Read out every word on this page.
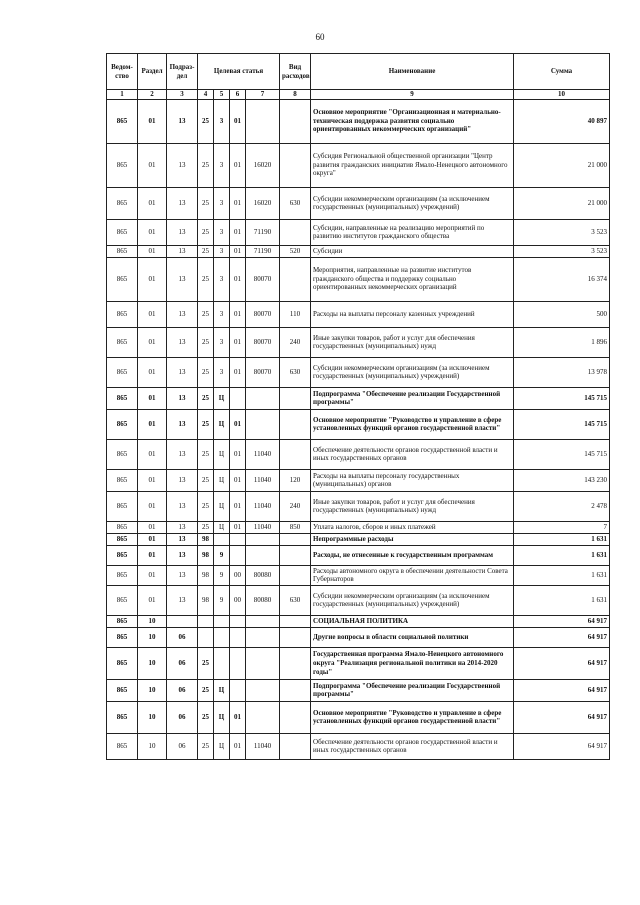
60
Ведом-ство	Раздел	Подраз-дел	Целевая статья				Вид расходов	Наименование	Сумма
1	2	3	4	5	6	7	8	9	10
865	01	13	25	3	01			Основное мероприятие "Организационная и материально-техническая поддержка развития социально ориентированных некоммерческих организаций"	40 897
865	01	13	25	3	01	16020		Субсидия Региональной общественной организации "Центр развития гражданских инициатив Ямало-Ненецкого автономного округа"	21 000
865	01	13	25	3	01	16020	630	Субсидии некоммерческим организациям (за исключением государственных (муниципальных) учреждений)	21 000
865	01	13	25	3	01	71190		Субсидии, направленные на реализацию мероприятий по развитию институтов гражданского общества	3 523
865	01	13	25	3	01	71190	520	Субсидии	3 523
865	01	13	25	3	01	80070		Мероприятия, направленные на развитие институтов гражданского общества и поддержку социально ориентированных некоммерческих организаций	16 374
865	01	13	25	3	01	80070	110	Расходы на выплаты персоналу казенных учреждений	500
865	01	13	25	3	01	80070	240	Иные закупки товаров, работ и услуг для обеспечения государственных (муниципальных) нужд	1 896
865	01	13	25	3	01	80070	630	Субсидии некоммерческим организациям (за исключением государственных (муниципальных) учреждений)	13 978
865	01	13	25	Ц				Подпрограмма "Обеспечение реализации Государственной программы"	145 715
865	01	13	25	Ц	01			Основное мероприятие "Руководство и управление в сфере установленных функций органов государственной власти"	145 715
865	01	13	25	Ц	01	11040		Обеспечение деятельности органов государственной власти и иных государственных органов	145 715
865	01	13	25	Ц	01	11040	120	Расходы на выплаты персоналу государственных (муниципальных) органов	143 230
865	01	13	25	Ц	01	11040	240	Иные закупки товаров, работ и услуг для обеспечения государственных (муниципальных) нужд	2 478
865	01	13	25	Ц	01	11040	850	Уплата налогов, сборов и иных платежей	7
865	01	13	98					Непрограммные расходы	1 631
865	01	13	98	9				Расходы, не отнесенные к государственным программам	1 631
865	01	13	98	9	00	80080		Расходы автономного округа в обеспечении деятельности Совета Губернаторов	1 631
865	01	13	98	9	00	80080	630	Субсидии некоммерческим организациям (за исключением государственных (муниципальных) учреждений)	1 631
865	10							СОЦИАЛЬНАЯ ПОЛИТИКА	64 917
865	10	06						Другие вопросы в области социальной политики	64 917
865	10	06	25					Государственная программа Ямало-Ненецкого автономного округа "Реализация региональной политики на 2014-2020 годы"	64 917
865	10	06	25	Ц				Подпрограмма "Обеспечение реализации Государственной программы"	64 917
865	10	06	25	Ц	01			Основное мероприятие "Руководство и управление в сфере установленных функций органов государственной власти"	64 917
865	10	06	25	Ц	01	11040		Обеспечение деятельности органов государственной власти и иных государственных органов	64 917
